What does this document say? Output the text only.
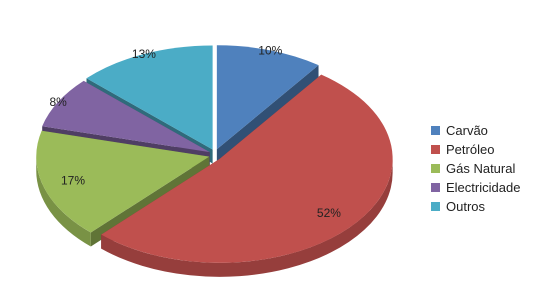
10%
52%
17%
8%
13%
Carvão
Petróleo
Gás Natural
Electricidade
Outros
